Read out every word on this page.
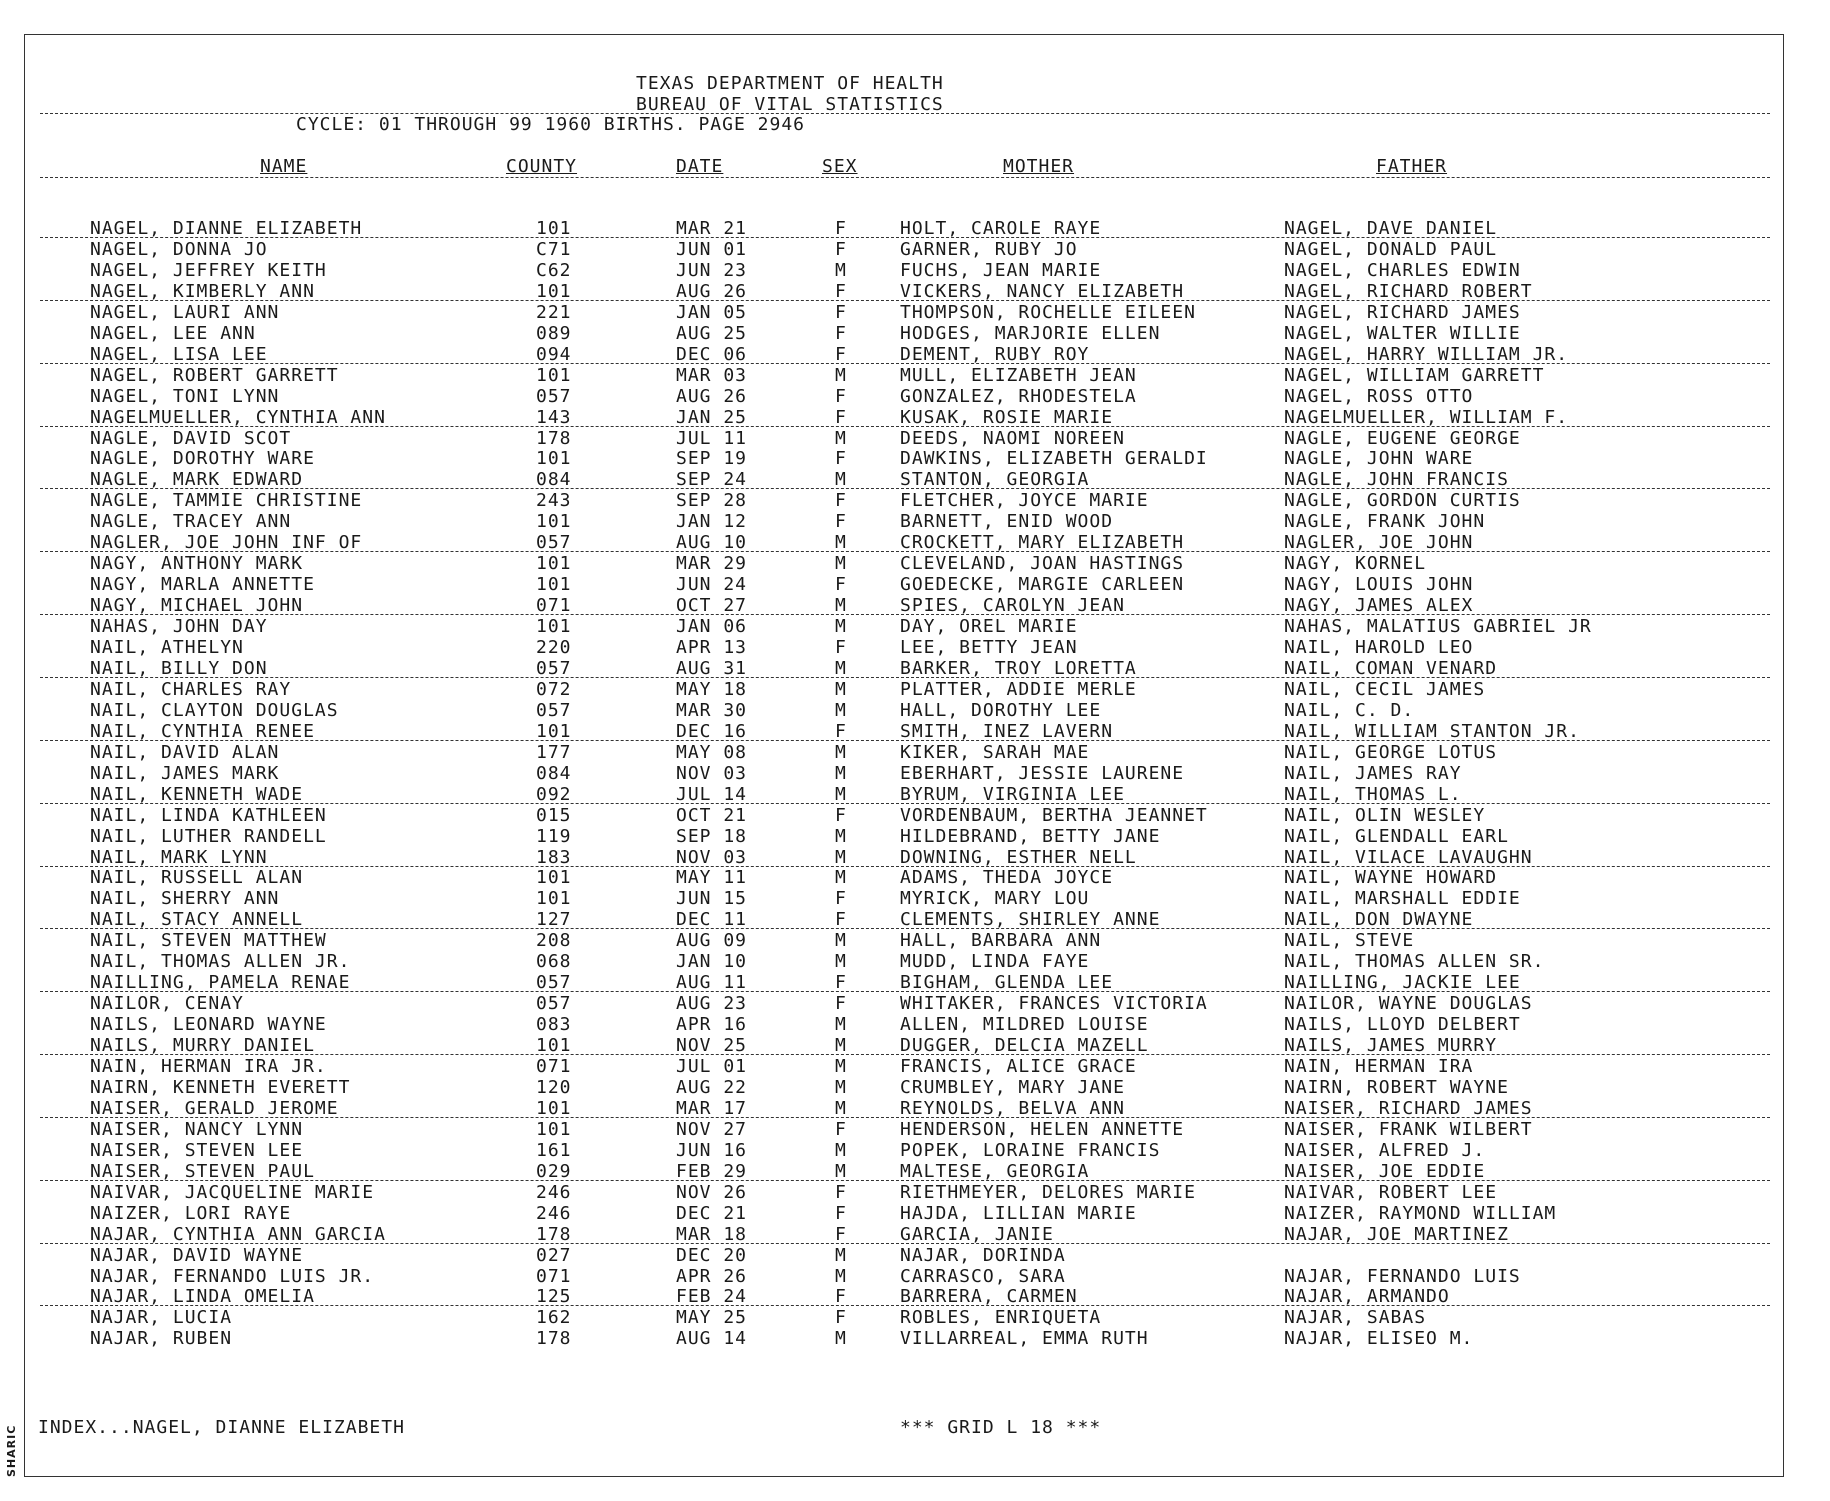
SHARIC
TEXAS DEPARTMENT OF HEALTH
BUREAU OF VITAL STATISTICS
CYCLE: 01 THROUGH 99 1960 BIRTHS. PAGE 2946
NAME	COUNTY	DATE	SEX	MOTHER	FATHER
NAGEL, DIANNE ELIZABETH	101	MAR 21	F	HOLT, CAROLE RAYE	NAGEL, DAVE DANIEL
NAGEL, DONNA JO	C71	JUN 01	F	GARNER, RUBY JO	NAGEL, DONALD PAUL
NAGEL, JEFFREY KEITH	C62	JUN 23	M	FUCHS, JEAN MARIE	NAGEL, CHARLES EDWIN
NAGEL, KIMBERLY ANN	101	AUG 26	F	VICKERS, NANCY ELIZABETH	NAGEL, RICHARD ROBERT
NAGEL, LAURI ANN	221	JAN 05	F	THOMPSON, ROCHELLE EILEEN	NAGEL, RICHARD JAMES
NAGEL, LEE ANN	089	AUG 25	F	HODGES, MARJORIE ELLEN	NAGEL, WALTER WILLIE
NAGEL, LISA LEE	094	DEC 06	F	DEMENT, RUBY ROY	NAGEL, HARRY WILLIAM JR.
NAGEL, ROBERT GARRETT	101	MAR 03	M	MULL, ELIZABETH JEAN	NAGEL, WILLIAM GARRETT
NAGEL, TONI LYNN	057	AUG 26	F	GONZALEZ, RHODESTELA	NAGEL, ROSS OTTO
NAGELMUELLER, CYNTHIA ANN	143	JAN 25	F	KUSAK, ROSIE MARIE	NAGELMUELLER, WILLIAM F.
NAGLE, DAVID SCOT	178	JUL 11	M	DEEDS, NAOMI NOREEN	NAGLE, EUGENE GEORGE
NAGLE, DOROTHY WARE	101	SEP 19	F	DAWKINS, ELIZABETH GERALDI	NAGLE, JOHN WARE
NAGLE, MARK EDWARD	084	SEP 24	M	STANTON, GEORGIA	NAGLE, JOHN FRANCIS
NAGLE, TAMMIE CHRISTINE	243	SEP 28	F	FLETCHER, JOYCE MARIE	NAGLE, GORDON CURTIS
NAGLE, TRACEY ANN	101	JAN 12	F	BARNETT, ENID WOOD	NAGLE, FRANK JOHN
NAGLER, JOE JOHN INF OF	057	AUG 10	M	CROCKETT, MARY ELIZABETH	NAGLER, JOE JOHN
NAGY, ANTHONY MARK	101	MAR 29	M	CLEVELAND, JOAN HASTINGS	NAGY, KORNEL
NAGY, MARLA ANNETTE	101	JUN 24	F	GOEDECKE, MARGIE CARLEEN	NAGY, LOUIS JOHN
NAGY, MICHAEL JOHN	071	OCT 27	M	SPIES, CAROLYN JEAN	NAGY, JAMES ALEX
NAHAS, JOHN DAY	101	JAN 06	M	DAY, OREL MARIE	NAHAS, MALATIUS GABRIEL JR
NAIL, ATHELYN	220	APR 13	F	LEE, BETTY JEAN	NAIL, HAROLD LEO
NAIL, BILLY DON	057	AUG 31	M	BARKER, TROY LORETTA	NAIL, COMAN VENARD
NAIL, CHARLES RAY	072	MAY 18	M	PLATTER, ADDIE MERLE	NAIL, CECIL JAMES
NAIL, CLAYTON DOUGLAS	057	MAR 30	M	HALL, DOROTHY LEE	NAIL, C. D.
NAIL, CYNTHIA RENEE	101	DEC 16	F	SMITH, INEZ LAVERN	NAIL, WILLIAM STANTON JR.
NAIL, DAVID ALAN	177	MAY 08	M	KIKER, SARAH MAE	NAIL, GEORGE LOTUS
NAIL, JAMES MARK	084	NOV 03	M	EBERHART, JESSIE LAURENE	NAIL, JAMES RAY
NAIL, KENNETH WADE	092	JUL 14	M	BYRUM, VIRGINIA LEE	NAIL, THOMAS L.
NAIL, LINDA KATHLEEN	015	OCT 21	F	VORDENBAUM, BERTHA JEANNET	NAIL, OLIN WESLEY
NAIL, LUTHER RANDELL	119	SEP 18	M	HILDEBRAND, BETTY JANE	NAIL, GLENDALL EARL
NAIL, MARK LYNN	183	NOV 03	M	DOWNING, ESTHER NELL	NAIL, VILACE LAVAUGHN
NAIL, RUSSELL ALAN	101	MAY 11	M	ADAMS, THEDA JOYCE	NAIL, WAYNE HOWARD
NAIL, SHERRY ANN	101	JUN 15	F	MYRICK, MARY LOU	NAIL, MARSHALL EDDIE
NAIL, STACY ANNELL	127	DEC 11	F	CLEMENTS, SHIRLEY ANNE	NAIL, DON DWAYNE
NAIL, STEVEN MATTHEW	208	AUG 09	M	HALL, BARBARA ANN	NAIL, STEVE
NAIL, THOMAS ALLEN JR.	068	JAN 10	M	MUDD, LINDA FAYE	NAIL, THOMAS ALLEN SR.
NAILLING, PAMELA RENAE	057	AUG 11	F	BIGHAM, GLENDA LEE	NAILLING, JACKIE LEE
NAILOR, CENAY	057	AUG 23	F	WHITAKER, FRANCES VICTORIA	NAILOR, WAYNE DOUGLAS
NAILS, LEONARD WAYNE	083	APR 16	M	ALLEN, MILDRED LOUISE	NAILS, LLOYD DELBERT
NAILS, MURRY DANIEL	101	NOV 25	M	DUGGER, DELCIA MAZELL	NAILS, JAMES MURRY
NAIN, HERMAN IRA JR.	071	JUL 01	M	FRANCIS, ALICE GRACE	NAIN, HERMAN IRA
NAIRN, KENNETH EVERETT	120	AUG 22	M	CRUMBLEY, MARY JANE	NAIRN, ROBERT WAYNE
NAISER, GERALD JEROME	101	MAR 17	M	REYNOLDS, BELVA ANN	NAISER, RICHARD JAMES
NAISER, NANCY LYNN	101	NOV 27	F	HENDERSON, HELEN ANNETTE	NAISER, FRANK WILBERT
NAISER, STEVEN LEE	161	JUN 16	M	POPEK, LORAINE FRANCIS	NAISER, ALFRED J.
NAISER, STEVEN PAUL	029	FEB 29	M	MALTESE, GEORGIA	NAISER, JOE EDDIE
NAIVAR, JACQUELINE MARIE	246	NOV 26	F	RIETHMEYER, DELORES MARIE	NAIVAR, ROBERT LEE
NAIZER, LORI RAYE	246	DEC 21	F	HAJDA, LILLIAN MARIE	NAIZER, RAYMOND WILLIAM
NAJAR, CYNTHIA ANN GARCIA	178	MAR 18	F	GARCIA, JANIE	NAJAR, JOE MARTINEZ
NAJAR, DAVID WAYNE	027	DEC 20	M	NAJAR, DORINDA
NAJAR, FERNANDO LUIS JR.	071	APR 26	M	CARRASCO, SARA	NAJAR, FERNANDO LUIS
NAJAR, LINDA OMELIA	125	FEB 24	F	BARRERA, CARMEN	NAJAR, ARMANDO
NAJAR, LUCIA	162	MAY 25	F	ROBLES, ENRIQUETA	NAJAR, SABAS
NAJAR, RUBEN	178	AUG 14	M	VILLARREAL, EMMA RUTH	NAJAR, ELISEO M.
INDEX...NAGEL, DIANNE ELIZABETH	*** GRID L 18 ***
